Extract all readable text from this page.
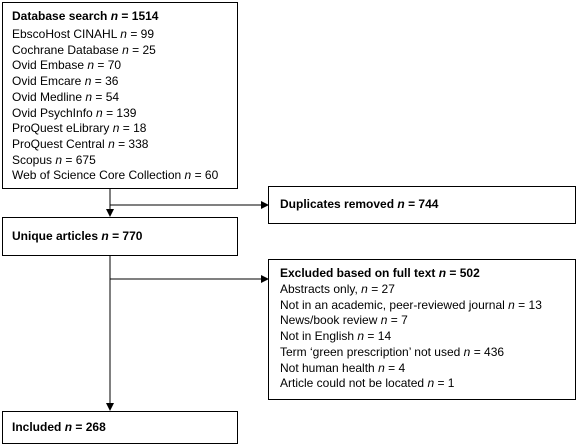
Database search n = 1514
EbscoHost CINAHL n = 99
Cochrane Database n = 25
Ovid Embase n = 70
Ovid Emcare n = 36
Ovid Medline n = 54
Ovid PsychInfo n = 139
ProQuest eLibrary n = 18
ProQuest Central n = 338
Scopus n = 675
Web of Science Core Collection n = 60
Duplicates removed n = 744
Unique articles n = 770
Excluded based on full text n = 502
Abstracts only, n = 27
Not in an academic, peer-reviewed journal n = 13
News/book review n = 7
Not in English n = 14
Term ‘green prescription’ not used n = 436
Not human health n = 4
Article could not be located n = 1
Included n = 268
